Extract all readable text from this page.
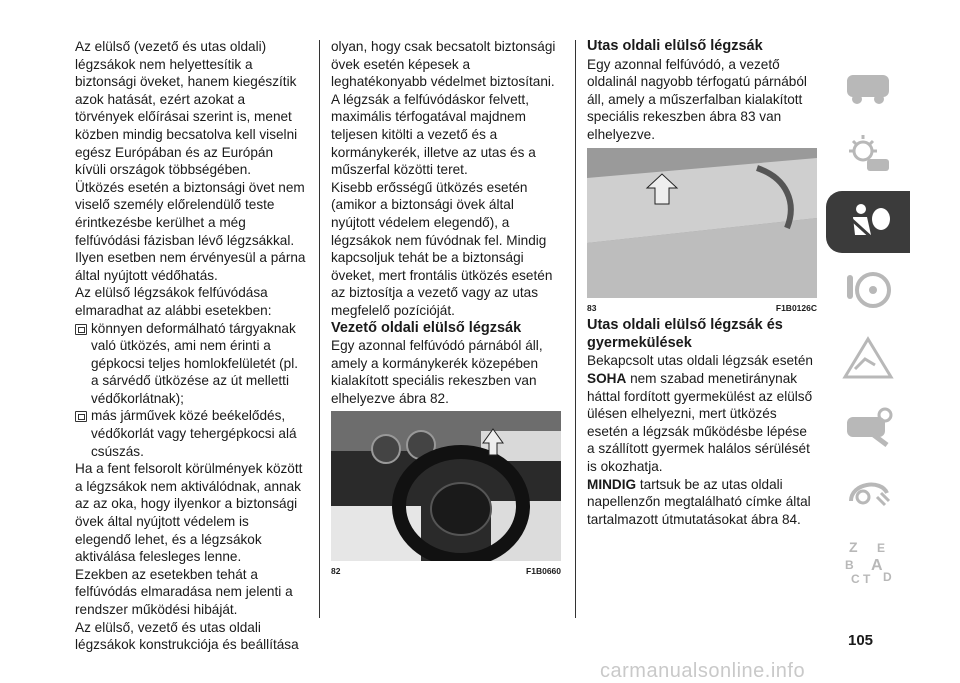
Az elülső (vezető és utas oldali) légzsákok nem helyettesítik a biztonsági öveket, hanem kiegészítik azok hatását, ezért azokat a törvények előírásai szerint is, menet közben mindig becsatolva kell viselni egész Európában és az Európán kívüli országok többségében.

Ütközés esetén a biztonsági övet nem viselő személy előrelendülő teste érintkezésbe kerülhet a még felfúvódási fázisban lévő légzsákkal. Ilyen esetben nem érvényesül a párna által nyújtott védőhatás.

Az elülső légzsákok felfúvódása elmaradhat az alábbi esetekben:

könnyen deformálható tárgyaknak való ütközés, ami nem érinti a gépkocsi teljes homlokfelületét (pl. a sárvédő ütközése az út melletti védőkorlátnak);

más járművek közé beékelődés, védőkorlát vagy tehergépkocsi alá csúszás.

Ha a fent felsorolt körülmények között a légzsákok nem aktiválódnak, annak az az oka, hogy ilyenkor a biztonsági övek által nyújtott védelem is elegendő lehet, és a légzsákok aktiválása felesleges lenne.

Ezekben az esetekben tehát a felfúvódás elmaradása nem jelenti a rendszer működési hibáját.

Az elülső, vezető és utas oldali légzsákok konstrukciója és beállítása

olyan, hogy csak becsatolt biztonsági övek esetén képesek a leghatékonyabb védelmet biztosítani. A légzsák a felfúvódáskor felvett, maximális térfogatával majdnem teljesen kitölti a vezető és a kormánykerék, illetve az utas és a műszerfal közötti teret.

Kisebb erősségű ütközés esetén (amikor a biztonsági övek által nyújtott védelem elegendő), a légzsákok nem fúvódnak fel. Mindig kapcsoljuk tehát be a biztonsági öveket, mert frontális ütközés esetén az biztosítja a vezető vagy az utas megfelelő pozícióját.

Vezető oldali elülső légzsák

Egy azonnal felfúvódó párnából áll, amely a kormánykerék közepében kialakított speciális rekeszben van elhelyezve ábra 82.

82	F1B0660
Utas oldali elülső légzsák

Egy azonnal felfúvódó, a vezető oldalinál nagyobb térfogatú párnából áll, amely a műszerfalban kialakított speciális rekeszben ábra 83 van elhelyezve.

83	F1B0126C
Utas oldali elülső légzsák és gyermekülések

Bekapcsolt utas oldali légzsák esetén SOHA nem szabad menetiránynak háttal fordított gyermekülést az elülső ülésen elhelyezni, mert ütközés esetén a légzsák működésbe lépése a szállított gyermek halálos sérülését is okozhatja.

MINDIG tartsuk be az utas oldali napellenzőn megtalálható címke által tartalmazott útmutatásokat ábra 84.

Z E
B A
C T D
105
carmanualsonline.info
